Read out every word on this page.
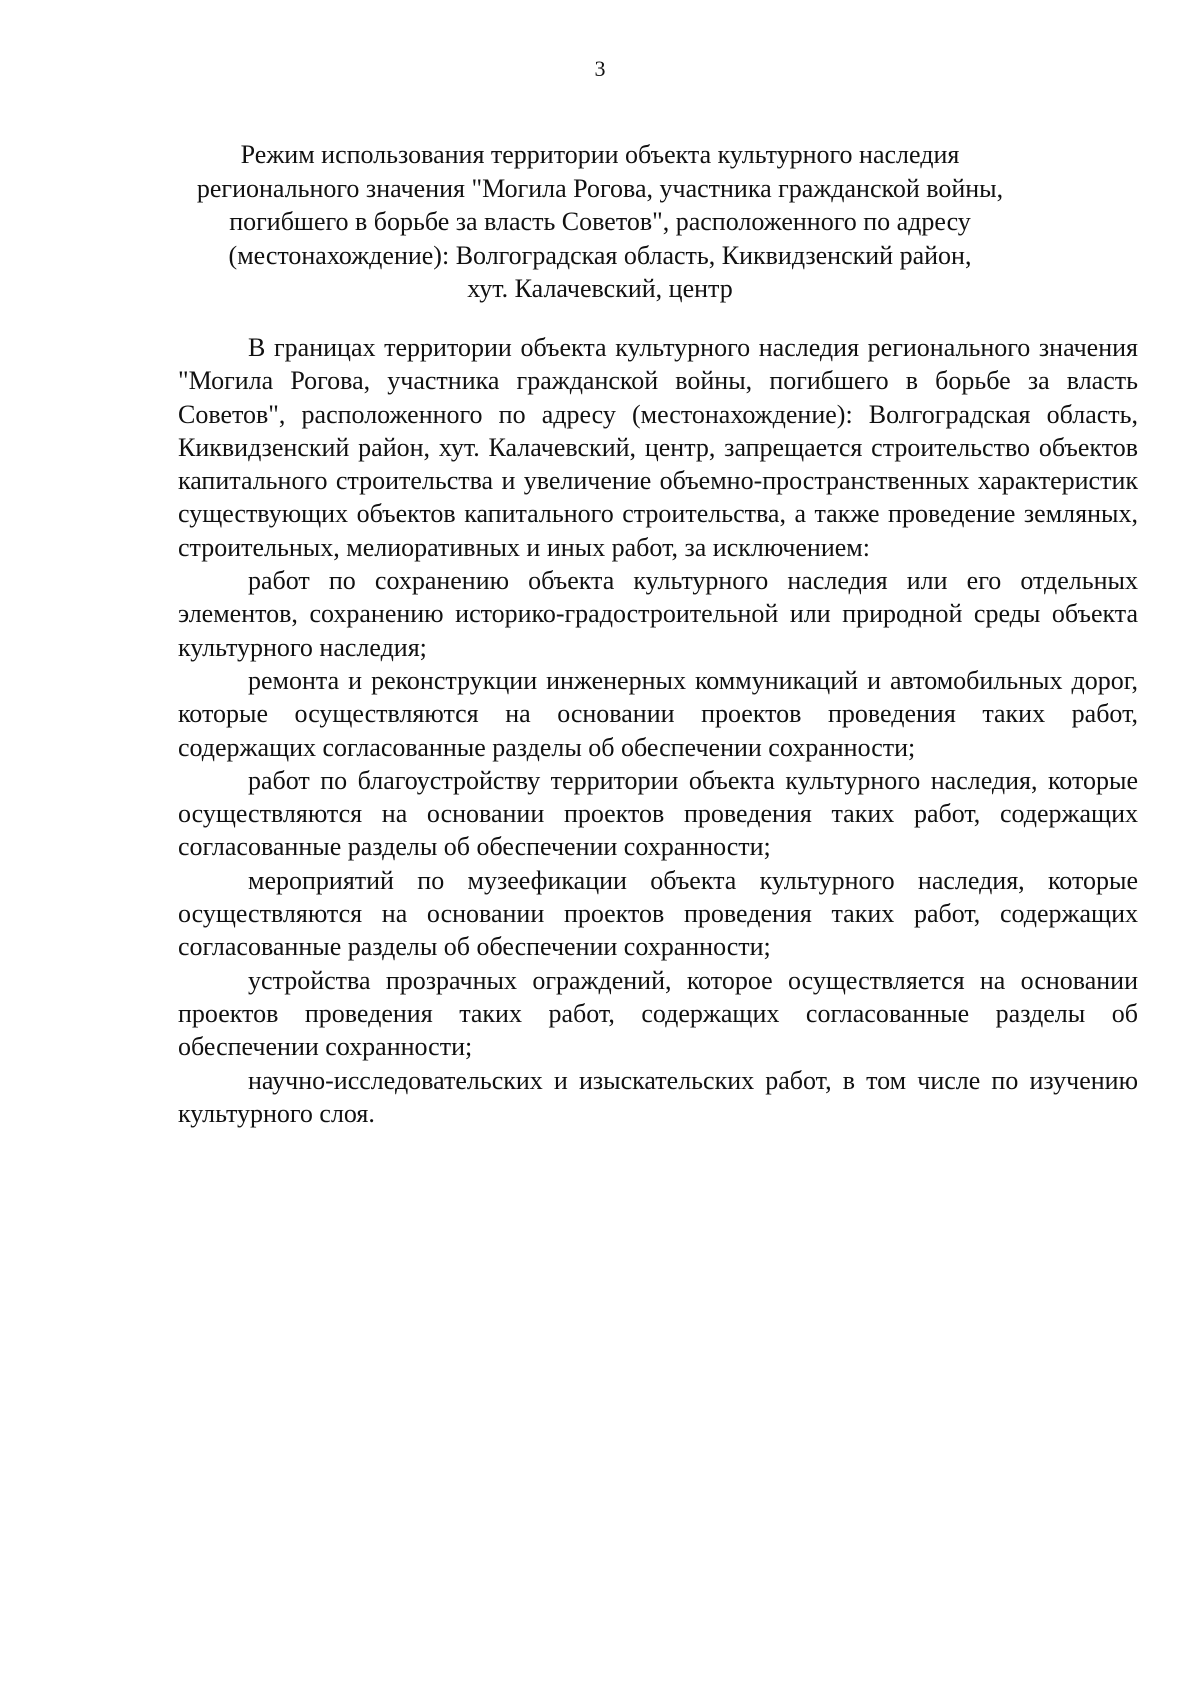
3
Режим использования территории объекта культурного наследия
регионального значения "Могила Рогова, участника гражданской войны,
погибшего в борьбе за власть Советов", расположенного по адресу
(местонахождение): Волгоградская область, Киквидзенский район,
хут. Калачевский, центр

В границах территории объекта культурного наследия регионального значения "Могила Рогова, участника гражданской войны, погибшего в борьбе за власть Советов", расположенного по адресу (местонахождение): Волгоградская область, Киквидзенский район, хут. Калачевский, центр, запрещается строительство объектов капитального строительства и увеличение объемно-пространственных характеристик существующих объектов капитального строительства, а также проведение земляных, строительных, мелиоративных и иных работ, за исключением:

работ по сохранению объекта культурного наследия или его отдельных элементов, сохранению историко-градостроительной или природной среды объекта культурного наследия;

ремонта и реконструкции инженерных коммуникаций и автомобильных дорог, которые осуществляются на основании проектов проведения таких работ, содержащих согласованные разделы об обеспечении сохранности;

работ по благоустройству территории объекта культурного наследия, которые осуществляются на основании проектов проведения таких работ, содержащих согласованные разделы об обеспечении сохранности;

мероприятий по музеефикации объекта культурного наследия, которые осуществляются на основании проектов проведения таких работ, содержащих согласованные разделы об обеспечении сохранности;

устройства прозрачных ограждений, которое осуществляется на основании проектов проведения таких работ, содержащих согласованные разделы об обеспечении сохранности;

научно-исследовательских и изыскательских работ, в том числе по изучению культурного слоя.
